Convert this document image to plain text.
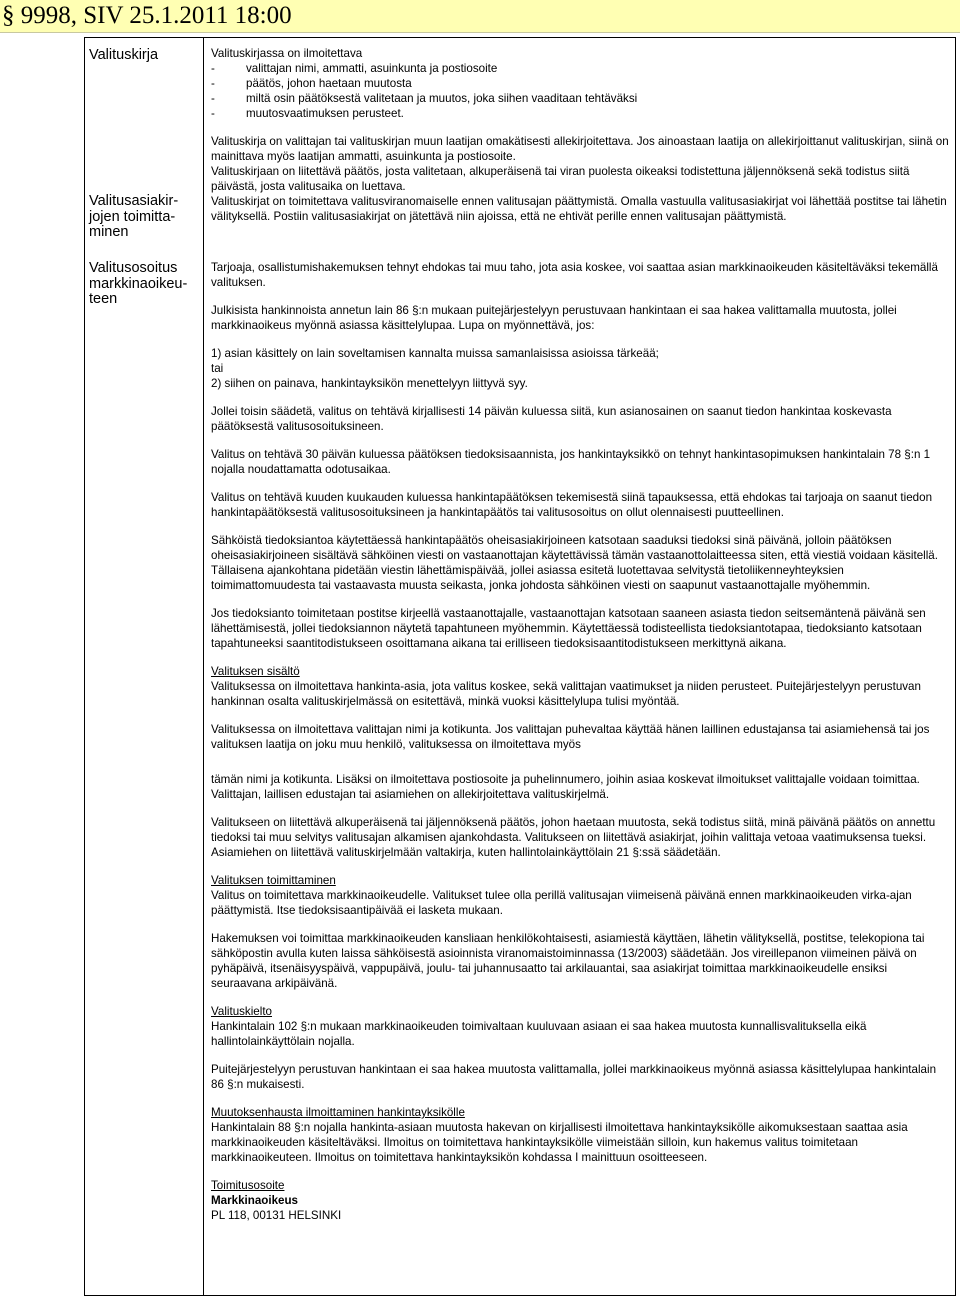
§ 9998, SIV 25.1.2011 18:00
Valituskirja
Valitusasiakir-jojen toimitta-minen
Valitusosoitus markkinaoikeu-teen

Valituskirjassa on ilmoitettava

- valittajan nimi, ammatti, asuinkunta ja postiosoite
- päätös, johon haetaan muutosta
- miltä osin päätöksestä valitetaan ja muutos, joka siihen vaaditaan tehtäväksi
- muutosvaatimuksen perusteet.

Valituskirja on valittajan tai valituskirjan muun laatijan omakätisesti allekirjoitettava. Jos ainoastaan laatija on allekirjoittanut valituskirjan, siinä on mainittava myös laatijan ammatti, asuinkunta ja postiosoite.

Valituskirjaan on liitettävä päätös, josta valitetaan, alkuperäisenä tai viran puolesta oikeaksi todistettuna jäljennöksenä sekä todistus siitä päivästä, josta valitusaika on luettava.

Valituskirjat on toimitettava valitusviranomaiselle ennen valitusajan päättymistä. Omalla vastuulla valitusasiakirjat voi lähettää postitse tai lähetin välityksellä. Postiin valitusasiakirjat on jätettävä niin ajoissa, että ne ehtivät perille ennen valitusajan päättymistä.

Tarjoaja, osallistumishakemuksen tehnyt ehdokas tai muu taho, jota asia koskee, voi saattaa asian markkinaoikeuden käsiteltäväksi tekemällä valituksen.

Julkisista hankinnoista annetun lain 86 §:n mukaan puitejärjestelyyn perustuvaan hankintaan ei saa hakea valittamalla muutosta, jollei markkinaoikeus myönnä asiassa käsittelylupaa. Lupa on myönnettävä, jos:

1) asian käsittely on lain soveltamisen kannalta muissa samanlaisissa asioissa tärkeää;

tai

2) siihen on painava, hankintayksikön menettelyyn liittyvä syy.

Jollei toisin säädetä, valitus on tehtävä kirjallisesti 14 päivän kuluessa siitä, kun asianosainen on saanut tiedon hankintaa koskevasta päätöksestä valitusosoituksineen.

Valitus on tehtävä 30 päivän kuluessa päätöksen tiedoksisaannista, jos hankintayksikkö on tehnyt hankintasopimuksen hankintalain 78 §:n 1 nojalla noudattamatta odotusaikaa.

Valitus on tehtävä kuuden kuukauden kuluessa hankintapäätöksen tekemisestä siinä tapauksessa, että ehdokas tai tarjoaja on saanut tiedon hankintapäätöksestä valitusosoituksineen ja hankintapäätös tai valitusosoitus on ollut olennaisesti puutteellinen.

Sähköistä tiedoksiantoa käytettäessä hankintapäätös oheisasiakirjoineen katsotaan saaduksi tiedoksi sinä päivänä, jolloin päätöksen oheisasiakirjoineen sisältävä sähköinen viesti on vastaanottajan käytettävissä tämän vastaanottolaitteessa siten, että viestiä voidaan käsitellä. Tällaisena ajankohtana pidetään viestin lähettämispäivää, jollei asiassa esitetä luotettavaa selvitystä tietoliikenneyhteyksien toimimattomuudesta tai vastaavasta muusta seikasta, jonka johdosta sähköinen viesti on saapunut vastaanottajalle myöhemmin.

Jos tiedoksianto toimitetaan postitse kirjeellä vastaanottajalle, vastaanottajan katsotaan saaneen asiasta tiedon seitsemäntenä päivänä sen lähettämisestä, jollei tiedoksiannon näytetä tapahtuneen myöhemmin. Käytettäessä todisteellista tiedoksiantotapaa, tiedoksianto katsotaan tapahtuneeksi saantitodistukseen osoittamana aikana tai erilliseen tiedoksisaantitodistukseen merkittynä aikana.

Valituksen sisältö

Valituksessa on ilmoitettava hankinta-asia, jota valitus koskee, sekä valittajan vaatimukset ja niiden perusteet. Puitejärjestelyyn perustuvan hankinnan osalta valituskirjelmässä on esitettävä, minkä vuoksi käsittelylupa tulisi myöntää.

Valituksessa on ilmoitettava valittajan nimi ja kotikunta. Jos valittajan puhevaltaa käyttää hänen laillinen edustajansa tai asiamiehensä tai jos valituksen laatija on joku muu henkilö, valituksessa on ilmoitettava myös

tämän nimi ja kotikunta. Lisäksi on ilmoitettava postiosoite ja puhelinnumero, joihin asiaa koskevat ilmoitukset valittajalle voidaan toimittaa. Valittajan, laillisen edustajan tai asiamiehen on allekirjoitettava valituskirjelmä.

Valitukseen on liitettävä alkuperäisenä tai jäljennöksenä päätös, johon haetaan muutosta, sekä todistus siitä, minä päivänä päätös on annettu tiedoksi tai muu selvitys valitusajan alkamisen ajankohdasta. Valitukseen on liitettävä asiakirjat, joihin valittaja vetoaa vaatimuksensa tueksi. Asiamiehen on liitettävä valituskirjelmään valtakirja, kuten hallintolainkäyttölain 21 §:ssä säädetään.

Valituksen toimittaminen

Valitus on toimitettava markkinaoikeudelle. Valitukset tulee olla perillä valitusajan viimeisenä päivänä ennen markkinaoikeuden virka-ajan päättymistä. Itse tiedoksisaantipäivää ei lasketa mukaan.

Hakemuksen voi toimittaa markkinaoikeuden kansliaan henkilökohtaisesti, asiamiestä käyttäen, lähetin välityksellä, postitse, telekopiona tai sähköpostin avulla kuten laissa sähköisestä asioinnista viranomaistoiminnassa (13/2003) säädetään. Jos vireillepanon viimeinen päivä on pyhäpäivä, itsenäisyyspäivä, vappupäivä, joulu- tai juhannusaatto tai arkilauantai, saa asiakirjat toimittaa markkinaoikeudelle ensiksi seuraavana arkipäivänä.

Valituskielto

Hankintalain 102 §:n mukaan markkinaoikeuden toimivaltaan kuuluvaan asiaan ei saa hakea muutosta kunnallisvalituksella eikä hallintolainkäyttölain nojalla.

Puitejärjestelyyn perustuvan hankintaan ei saa hakea muutosta valittamalla, jollei markkinaoikeus myönnä asiassa käsittelylupaa hankintalain 86 §:n mukaisesti.

Muutoksenhausta ilmoittaminen hankintayksikölle

Hankintalain 88 §:n nojalla hankinta-asiaan muutosta hakevan on kirjallisesti ilmoitettava hankintayksikölle aikomuksestaan saattaa asia markkinaoikeuden käsiteltäväksi. Ilmoitus on toimitettava hankintayksikölle viimeistään silloin, kun hakemus valitus toimitetaan markkinaoikeuteen. Ilmoitus on toimitettava hankintayksikön kohdassa I mainittuun osoitteeseen.

Toimitusosoite

Markkinaoikeus

PL 118, 00131 HELSINKI
